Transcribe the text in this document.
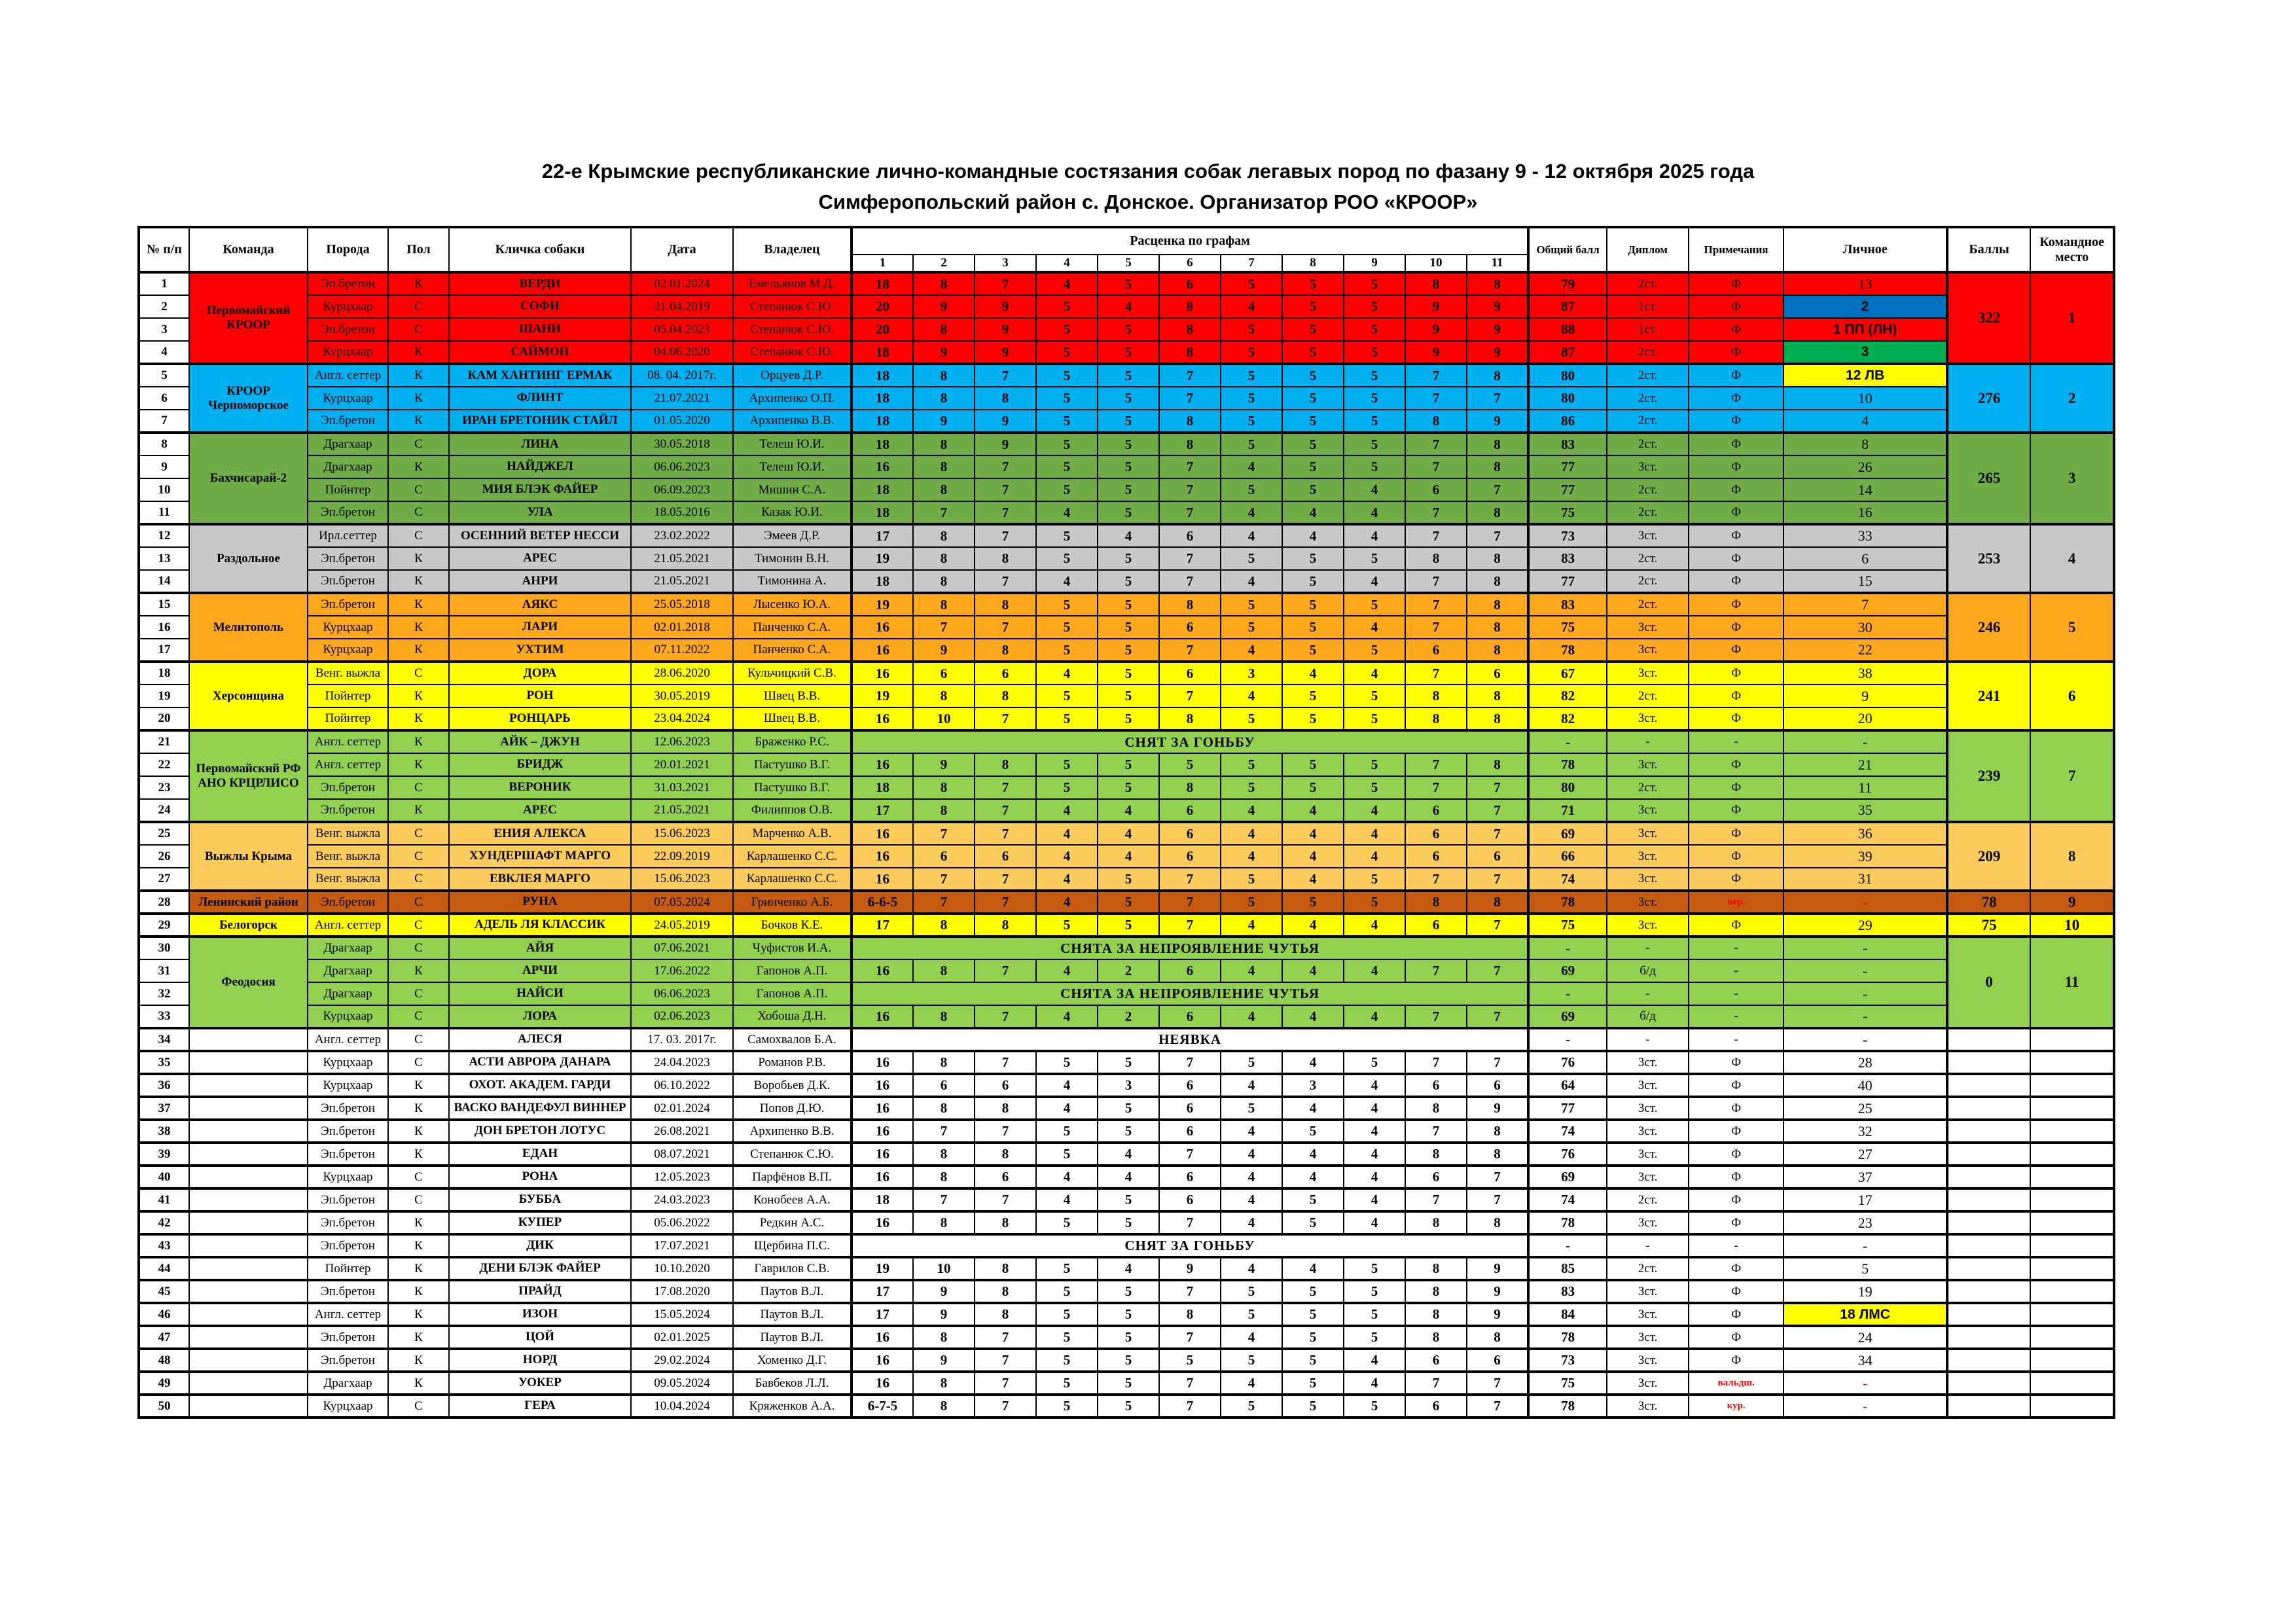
22-е Крымские республиканские лично-командные состязания собак легавых пород по фазану 9 - 12 октября 2025 года
Симферопольский район с. Донское. Организатор РОО «КРООР»
№ п/п	Команда	Порода	Пол	Кличка собаки	Дата	Владелец	Расценка по графам											Общий балл	Диплом	Примечания	Личное	Баллы	Командное место
							1	2	3	4	5	6	7	8	9	10	11						
1	Первомайский КРООР	Эп.бретон	К	ВЕРДИ	02.01.2024	Емельянов М.Д.	18	8	7	4	5	6	5	5	5	8	8	79	2ст.	Ф	13	322	1
2		Курцхаар	С	СОФИ	21.04.2019	Степанюк С.Ю.	20	9	9	5	4	8	4	5	5	9	9	87	1ст.	Ф	2		
3		Эп.бретон	С	ШАНИ	05.04.2023	Степанюк С.Ю.	20	8	9	5	5	8	5	5	5	9	9	88	1ст.	Ф	1 ПП (ЛН)		
4		Курцхаар	К	САЙМОН	04.06.2020	Степанюк С.Ю.	18	9	9	5	5	8	5	5	5	9	9	87	2ст.	Ф	3		
5	КРООР Черноморское	Англ. сеттер	К	КАМ ХАНТИНГ ЕРМАК	08. 04. 2017г.	Орцуев Д.Р.	18	8	7	5	5	7	5	5	5	7	8	80	2ст.	Ф	12 ЛВ	276	2
6		Курцхаар	К	ФЛИНТ	21.07.2021	Архипенко О.П.	18	8	8	5	5	7	5	5	5	7	7	80	2ст.	Ф	10		
7		Эп.бретон	К	ИРАН БРЕТОНИК СТАЙЛ	01.05.2020	Архипенко В.В.	18	9	9	5	5	8	5	5	5	8	9	86	2ст.	Ф	4		
8	Бахчисарай-2	Драгхаар	С	ЛИНА	30.05.2018	Телеш Ю.И.	18	8	9	5	5	8	5	5	5	7	8	83	2ст.	Ф	8	265	3
9		Драгхаар	К	НАЙДЖЕЛ	06.06.2023	Телеш Ю.И.	16	8	7	5	5	7	4	5	5	7	8	77	3ст.	Ф	26		
10		Пойнтер	С	МИЯ БЛЭК ФАЙЕР	06.09.2023	Мишин С.А.	18	8	7	5	5	7	5	5	4	6	7	77	2ст.	Ф	14		
11		Эп.бретон	С	УЛА	18.05.2016	Казак Ю.И.	18	7	7	4	5	7	4	4	4	7	8	75	2ст.	Ф	16		
12	Раздольное	Ирл.сеттер	С	ОСЕННИЙ ВЕТЕР НЕССИ	23.02.2022	Эмеев Д.Р.	17	8	7	5	4	6	4	4	4	7	7	73	3ст.	Ф	33	253	4
13		Эп.бретон	К	АРЕС	21.05.2021	Тимонин В.Н.	19	8	8	5	5	7	5	5	5	8	8	83	2ст.	Ф	6		
14		Эп.бретон	К	АНРИ	21.05.2021	Тимонина А.	18	8	7	4	5	7	4	5	4	7	8	77	2ст.	Ф	15		
15	Мелитополь	Эп.бретон	К	АЯКС	25.05.2018	Лысенко Ю.А.	19	8	8	5	5	8	5	5	5	7	8	83	2ст.	Ф	7	246	5
16		Курцхаар	К	ЛАРИ	02.01.2018	Панченко С.А.	16	7	7	5	5	6	5	5	4	7	8	75	3ст.	Ф	30		
17		Курцхаар	К	УХТИМ	07.11.2022	Панченко С.А.	16	9	8	5	5	7	4	5	5	6	8	78	3ст.	Ф	22		
18	Херсонщина	Венг. выжла	С	ДОРА	28.06.2020	Кульчицкий С.В.	16	6	6	4	5	6	3	4	4	7	6	67	3ст.	Ф	38	241	6
19		Пойнтер	К	РОН	30.05.2019	Швец В.В.	19	8	8	5	5	7	4	5	5	8	8	82	2ст.	Ф	9		
20		Пойнтер	К	РОНЦАРЬ	23.04.2024	Швец В.В.	16	10	7	5	5	8	5	5	5	8	8	82	3ст.	Ф	20		
21	Первомайский РФ АНО КРЦРЛИСО	Англ. сеттер	К	АЙК – ДЖУН	12.06.2023	Браженко Р.С.	СНЯТ ЗА ГОНЬБУ											-	-	-	-	239	7
22		Англ. сеттер	К	БРИДЖ	20.01.2021	Пастушко В.Г.	16	9	8	5	5	5	5	5	5	7	8	78	3ст.	Ф	21		
23		Эп.бретон	С	ВЕРОНИК	31.03.2021	Пастушко В.Г.	18	8	7	5	5	8	5	5	5	7	7	80	2ст.	Ф	11		
24		Эп.бретон	К	АРЕС	21.05.2021	Филиппов О.В.	17	8	7	4	4	6	4	4	4	6	7	71	3ст.	Ф	35		
25	Выжлы Крыма	Венг. выжла	С	ЕНИЯ АЛЕКСА	15.06.2023	Марченко А.В.	16	7	7	4	4	6	4	4	4	6	7	69	3ст.	Ф	36	209	8
26		Венг. выжла	С	ХУНДЕРШАФТ МАРГО	22.09.2019	Карлашенко С.С.	16	6	6	4	4	6	4	4	4	6	6	66	3ст.	Ф	39		
27		Венг. выжла	С	ЕВКЛЕЯ МАРГО	15.06.2023	Карлашенко С.С.	16	7	7	4	5	7	5	4	5	7	7	74	3ст.	Ф	31		
28	Ленинский район	Эп.бретон	С	РУНА	07.05.2024	Гринченко А.Б.	6-6-5	7	7	4	5	7	5	5	5	8	8	78	3ст.	пер.	-	78	9
29	Белогорск	Англ. сеттер	С	АДЕЛЬ ЛЯ КЛАССИК	24.05.2019	Бочков К.Е.	17	8	8	5	5	7	4	4	4	6	7	75	3ст.	Ф	29	75	10
30	Феодосия	Драгхаар	С	АЙЯ	07.06.2021	Чуфистов И.А.	СНЯТА ЗА НЕПРОЯВЛЕНИЕ ЧУТЬЯ											-	-	-	-	0	11
31		Драгхаар	К	АРЧИ	17.06.2022	Гапонов А.П.	16	8	7	4	2	6	4	4	4	7	7	69	б/д	-	-		
32		Драгхаар	С	НАЙСИ	06.06.2023	Гапонов А.П.	СНЯТА ЗА НЕПРОЯВЛЕНИЕ ЧУТЬЯ											-	-	-	-		
33		Курцхаар	С	ЛОРА	02.06.2023	Хобоша Д.Н.	16	8	7	4	2	6	4	4	4	7	7	69	б/д	-	-		
34		Англ. сеттер	С	АЛЕСЯ	17. 03. 2017г.	Самохвалов Б.А.	НЕЯВКА											-	-	-	-		
35		Курцхаар	С	АСТИ АВРОРА ДАНАРА	24.04.2023	Романов Р.В.	16	8	7	5	5	7	5	4	5	7	7	76	3ст.	Ф	28		
36		Курцхаар	К	ОХОТ. АКАДЕМ. ГАРДИ	06.10.2022	Воробьев Д.К.	16	6	6	4	3	6	4	3	4	6	6	64	3ст.	Ф	40		
37		Эп.бретон	К	ВАСКО ВАНДЕФУЛ ВИННЕР	02.01.2024	Попов Д.Ю.	16	8	8	4	5	6	5	4	4	8	9	77	3ст.	Ф	25		
38		Эп.бретон	К	ДОН БРЕТОН ЛОТУС	26.08.2021	Архипенко В.В.	16	7	7	5	5	6	4	5	4	7	8	74	3ст.	Ф	32		
39		Эп.бретон	К	ЕДАН	08.07.2021	Степанюк С.Ю.	16	8	8	5	4	7	4	4	4	8	8	76	3ст.	Ф	27		
40		Курцхаар	С	РОНА	12.05.2023	Парфёнов В.П.	16	8	6	4	4	6	4	4	4	6	7	69	3ст.	Ф	37		
41		Эп.бретон	С	БУББА	24.03.2023	Конобеев А.А.	18	7	7	4	5	6	4	5	4	7	7	74	2ст.	Ф	17		
42		Эп.бретон	К	КУПЕР	05.06.2022	Редкин А.С.	16	8	8	5	5	7	4	5	4	8	8	78	3ст.	Ф	23		
43		Эп.бретон	К	ДИК	17.07.2021	Щербина П.С.	СНЯТ ЗА ГОНЬБУ											-	-	-	-		
44		Пойнтер	К	ДЕНИ БЛЭК ФАЙЕР	10.10.2020	Гаврилов С.В.	19	10	8	5	4	9	4	4	5	8	9	85	2ст.	Ф	5		
45		Эп.бретон	К	ПРАЙД	17.08.2020	Паутов В.Л.	17	9	8	5	5	7	5	5	5	8	9	83	3ст.	Ф	19		
46		Англ. сеттер	К	ИЗОН	15.05.2024	Паутов В.Л.	17	9	8	5	5	8	5	5	5	8	9	84	3ст.	Ф	18 ЛМС		
47		Эп.бретон	К	ЦОЙ	02.01.2025	Паутов В.Л.	16	8	7	5	5	7	4	5	5	8	8	78	3ст.	Ф	24		
48		Эп.бретон	К	НОРД	29.02.2024	Хоменко Д.Г.	16	9	7	5	5	5	5	5	4	6	6	73	3ст.	Ф	34		
49		Драгхаар	К	УОКЕР	09.05.2024	Бавбеков Л.Л.	16	8	7	5	5	7	4	5	4	7	7	75	3ст.	вальдш.	-		
50		Курцхаар	С	ГЕРА	10.04.2024	Кряженков А.А.	6-7-5	8	7	5	5	7	5	5	5	6	7	78	3ст.	кур.	-		
